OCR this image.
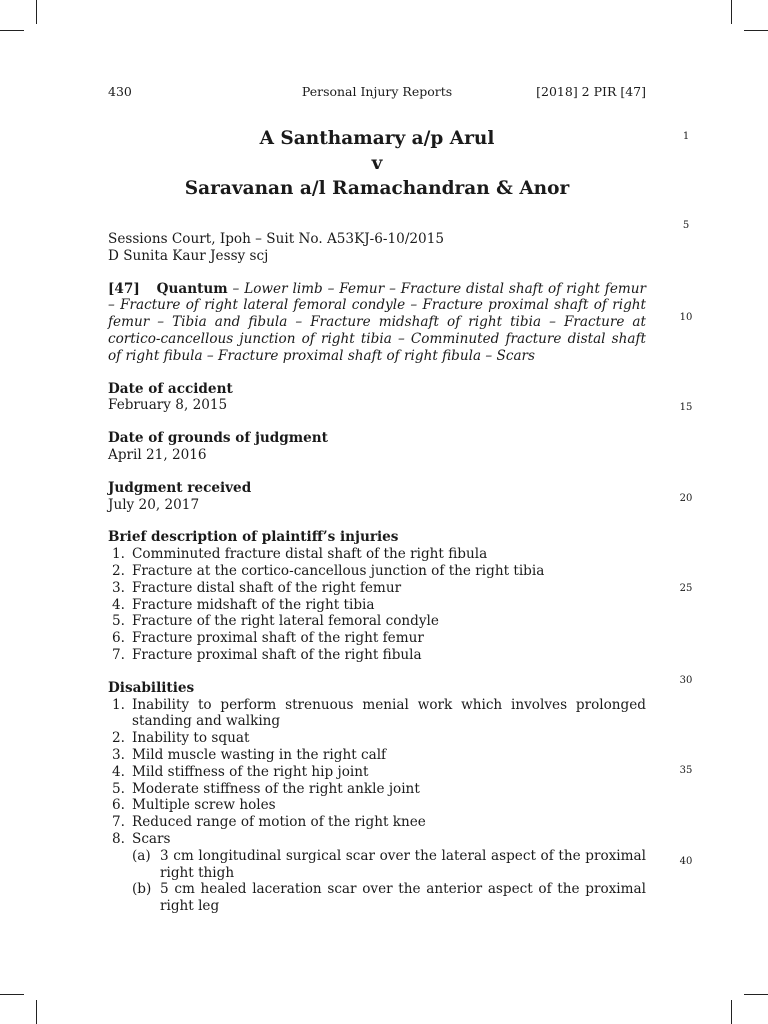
430	Personal Injury Reports	[2018] 2 PIR [47]
A Santhamary a/p Arul
v
Saravanan a/l Ramachandran & Anor
1
5
10
15
20
25
30
35
40
Sessions Court, Ipoh – Suit No. A53KJ-6-10/2015
D Sunita Kaur Jessy scj
[47] Quantum – Lower limb – Femur – Fracture distal shaft of right femur – Fracture of right lateral femoral condyle – Fracture proximal shaft of right femur – Tibia and fibula – Fracture midshaft of right tibia – Fracture at cortico-cancellous junction of right tibia – Comminuted fracture distal shaft of right fibula – Fracture proximal shaft of right fibula – Scars
Date of accident
February 8, 2015
Date of grounds of judgment
April 21, 2016
Judgment received
July 20, 2017
Brief description of plaintiff’s injuries
1. Comminuted fracture distal shaft of the right fibula
2. Fracture at the cortico-cancellous junction of the right tibia
3. Fracture distal shaft of the right femur
4. Fracture midshaft of the right tibia
5. Fracture of the right lateral femoral condyle
6. Fracture proximal shaft of the right femur
7. Fracture proximal shaft of the right fibula
Disabilities
1. Inability to perform strenuous menial work which involves prolonged standing and walking
2. Inability to squat
3. Mild muscle wasting in the right calf
4. Mild stiffness of the right hip joint
5. Moderate stiffness of the right ankle joint
6. Multiple screw holes
7. Reduced range of motion of the right knee
8. Scars
(a) 3 cm longitudinal surgical scar over the lateral aspect of the proximal right thigh
(b) 5 cm healed laceration scar over the anterior aspect of the proximal right leg
